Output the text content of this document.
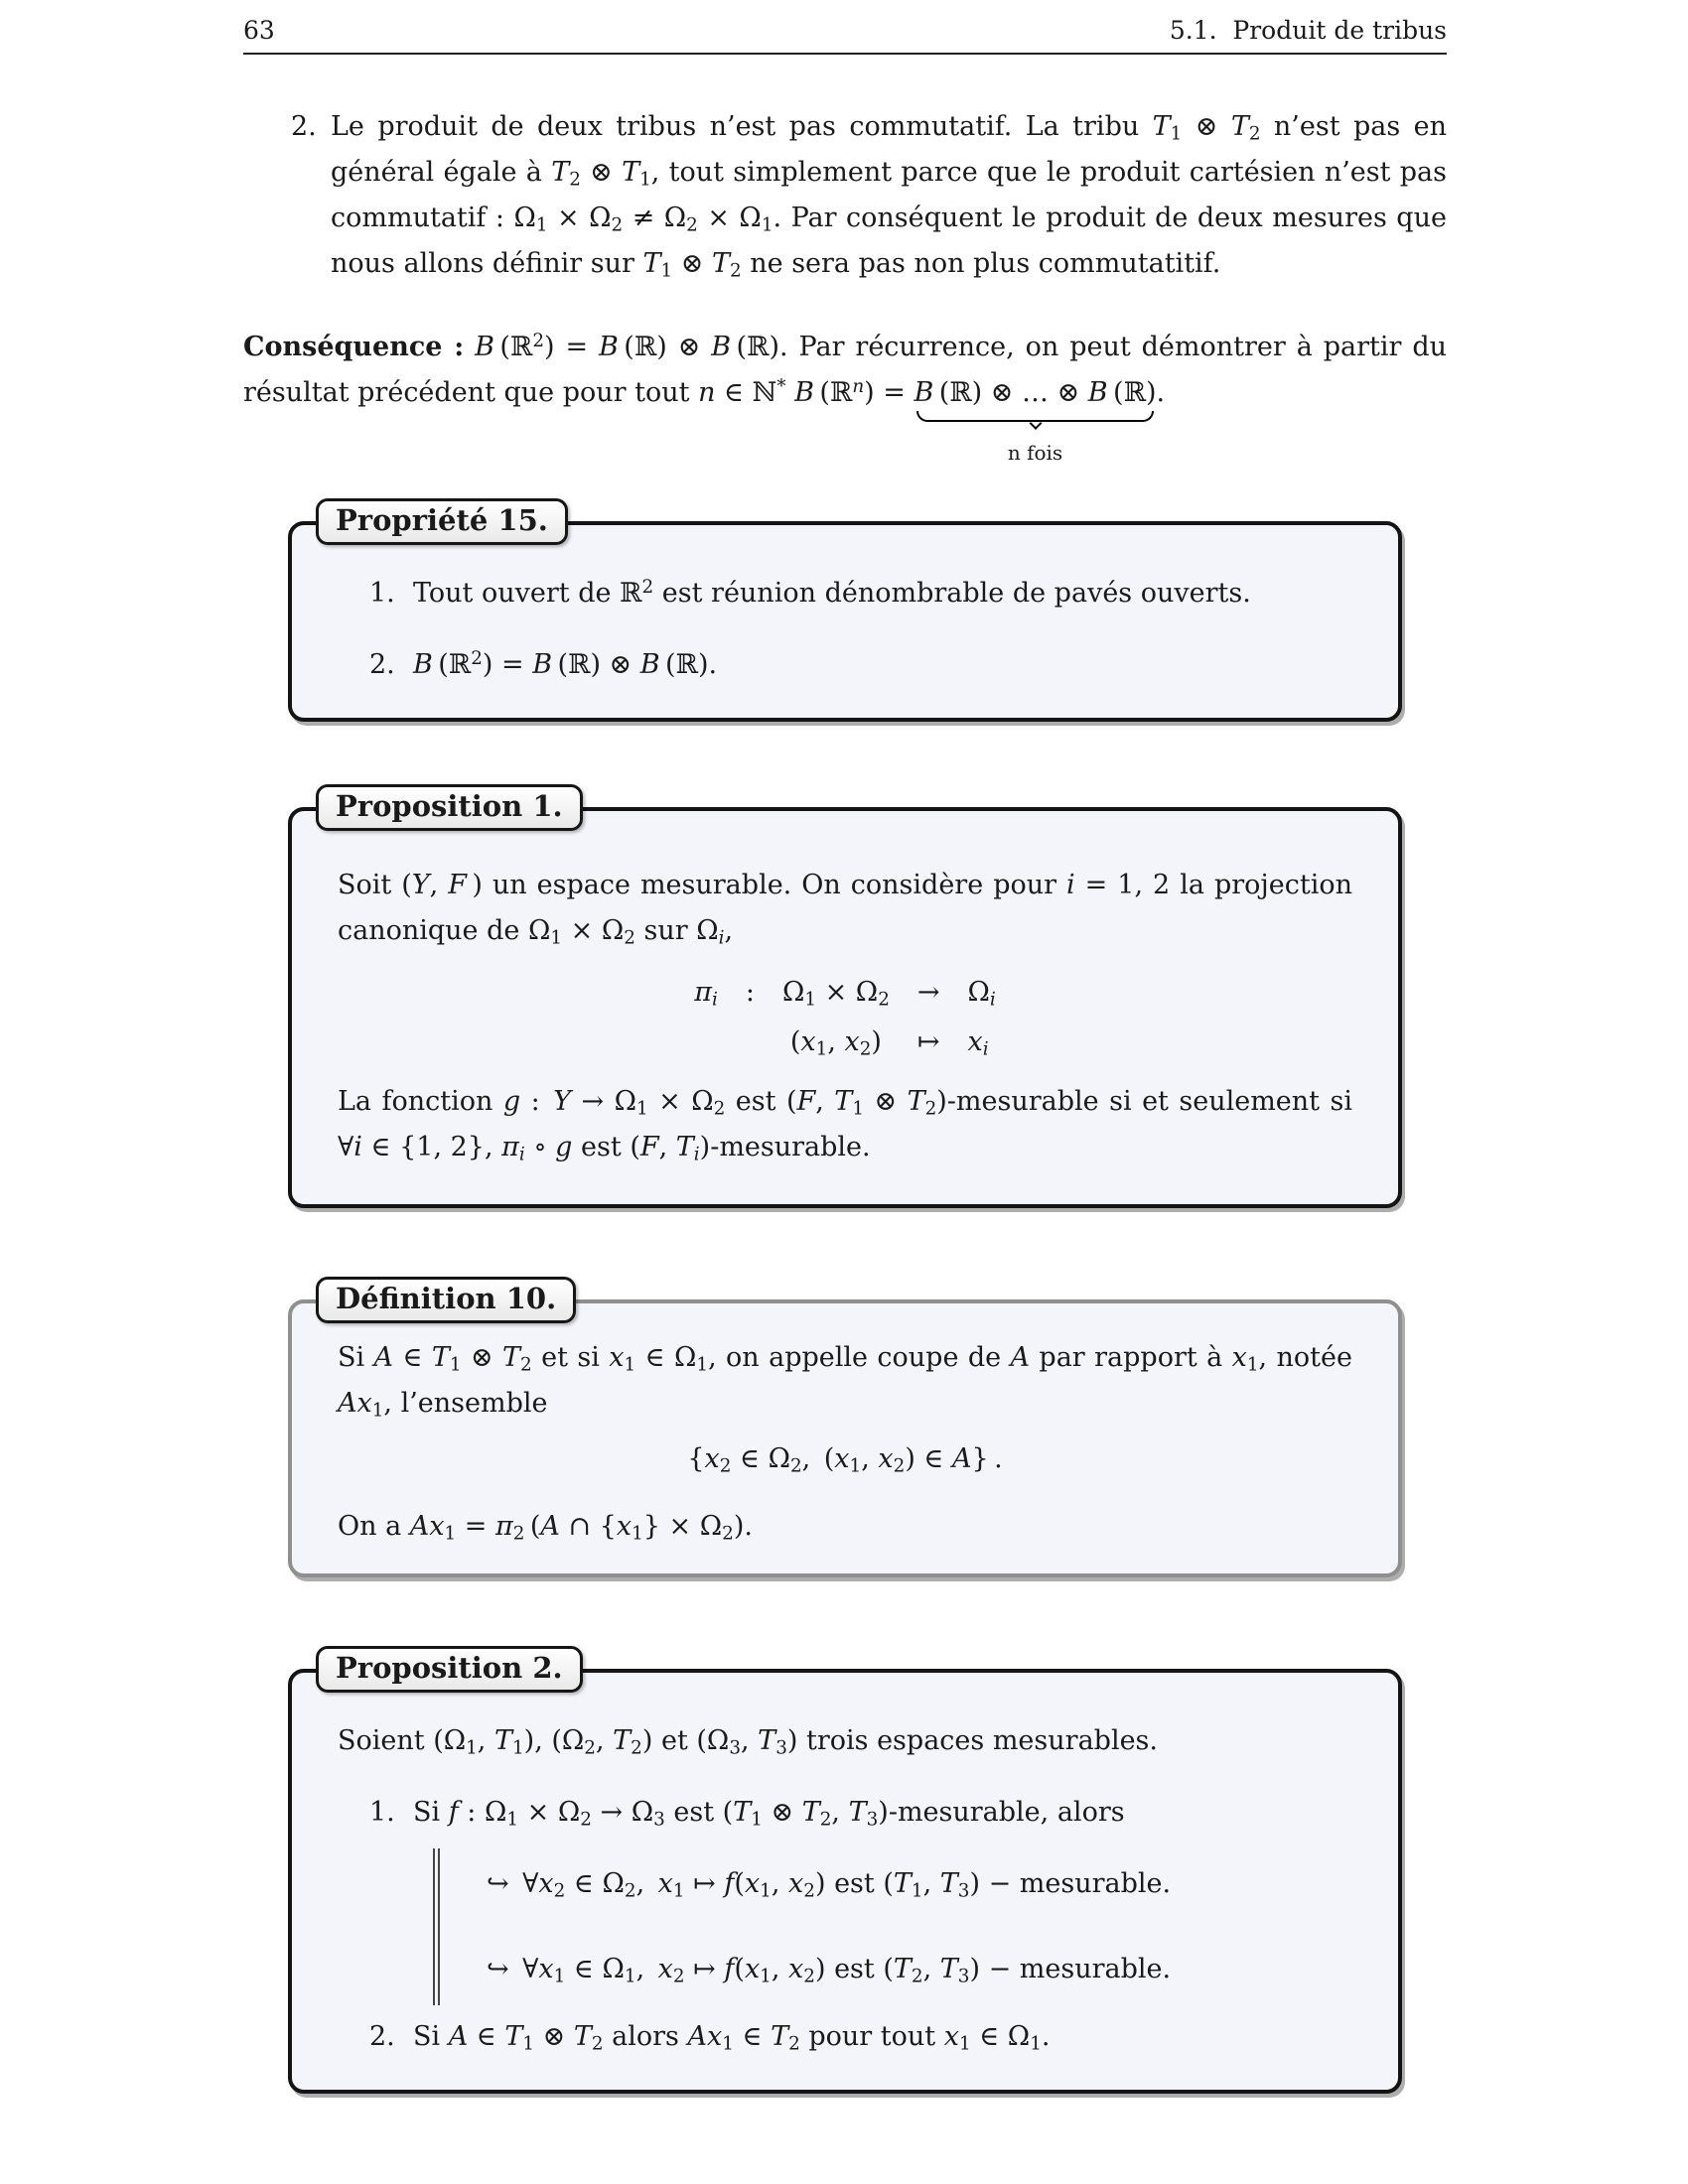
63	5.1.  Produit de tribus
2. Le produit de deux tribus n’est pas commutatif. La tribu $T_1$ ⊗ $T_2$ n’est pas en général égale à $T_2$ ⊗ $T_1$, tout simplement parce que le produit cartésien n’est pas commutatif : $\Omega_1 \times \Omega_2 \ne \Omega_2 \times \Omega_1$. Par conséquent le produit de deux mesures que nous allons définir sur $T_1$ ⊗ $T_2$ ne sera pas non plus commutatitif.
Conséquence : B (ℝ$^2$) = B (ℝ) ⊗ B (ℝ). Par récurrence, on peut démontrer à partir du résultat précédent que pour tout n ∈ ℕ* B (ℝ$^n$) = B (ℝ) ⊗ … ⊗ B (ℝ)
n fois
.
Propriété 15.
1. Tout ouvert de ℝ$^2$ est réunion dénombrable de pavés ouverts.
2. B (ℝ$^2$) = B (ℝ) ⊗ B (ℝ).
Proposition 1.
Soit (Y, F ) un espace mesurable. On considère pour i = 1, 2 la projection canonique de $\Omega_1 \times \Omega_2$ sur $\Omega_i$,
$\pi_i$	:	$\Omega_1 \times \Omega_2$	→	$\Omega_i$
		($x_1$, $x_2$)	↦	$x_i$
La fonction g : $Y \to \Omega_1 \times \Omega_2$ est (F, $T_1$ ⊗ $T_2$)-mesurable si et seulement si ∀i ∈ {1, 2}, $\pi_i$ ∘ g est (F, $T_i$)-mesurable.
Définition 10.
Si A ∈ $T_1$ ⊗ $T_2$ et si $x_1$ ∈ $\Omega_1$, on appelle coupe de A par rapport à $x_1$, notée $Ax_1$, l’ensemble
{$x_2$ ∈ $\Omega_2$, ($x_1$, $x_2$) ∈ A} .
On a $Ax_1 = \pi_2$ (A ∩ $\{x_1\} \times \Omega_2$).
Proposition 2.
Soient ($\Omega_1$, $T_1$), ($\Omega_2$, $T_2$) et ($\Omega_3$, $T_3$) trois espaces mesurables.
1. Si f : $\Omega_1 \times \Omega_2 \to \Omega_3$ est ($T_1$ ⊗ $T_2$, $T_3$)-mesurable, alors
↪ $\forall x_2$ ∈ $\Omega_2$, $x_1$ ↦ $f(x_1$, $x_2$) est ($T_1$, $T_3$) − mesurable.
↪ $\forall x_1$ ∈ $\Omega_1$, $x_2$ ↦ $f(x_1$, $x_2$) est ($T_2$, $T_3$) − mesurable.
2. Si A ∈ $T_1$ ⊗ $T_2$ alors $Ax_1$ ∈ $T_2$ pour tout $x_1$ ∈ $\Omega_1$.
